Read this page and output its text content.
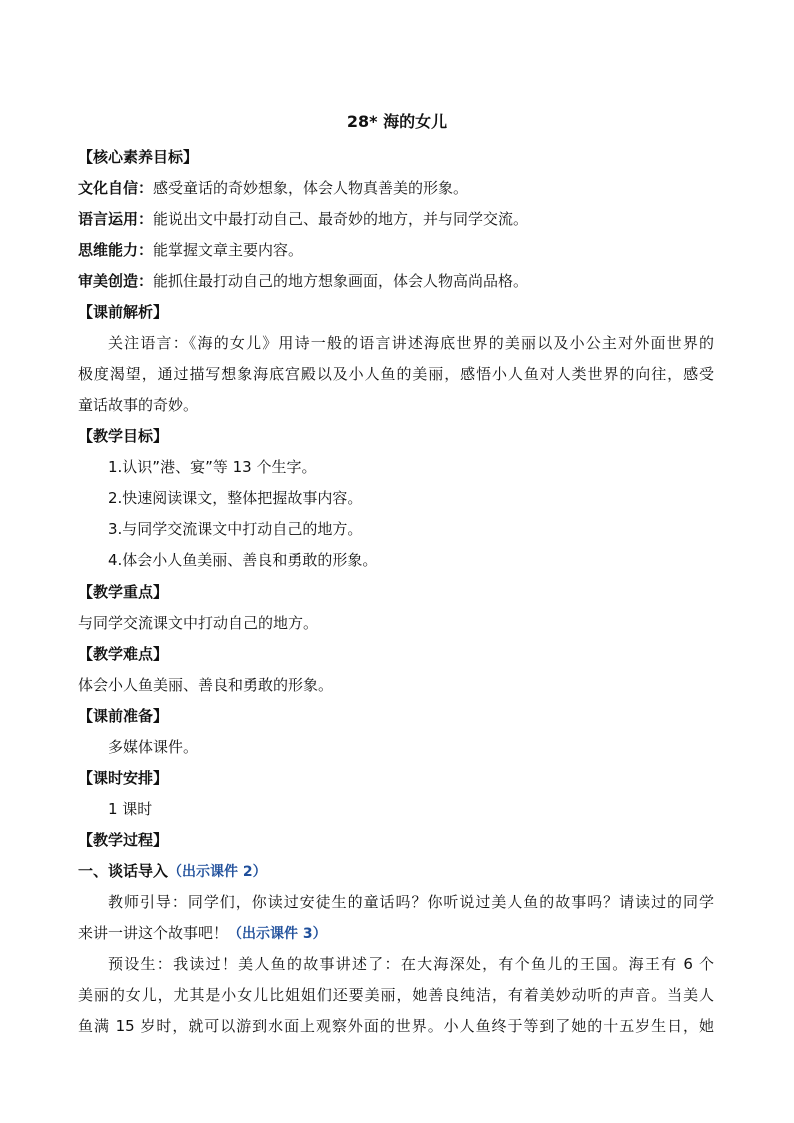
28* 海的女儿
【核心素养目标】
文化自信：感受童话的奇妙想象，体会人物真善美的形象。
语言运用：能说出文中最打动自己、最奇妙的地方，并与同学交流。
思维能力：能掌握文章主要内容。
审美创造：能抓住最打动自己的地方想象画面，体会人物高尚品格。
【课前解析】
关注语言：《海的女儿》用诗一般的语言讲述海底世界的美丽以及小公主对外面世界的
极度渴望，通过描写想象海底宫殿以及小人鱼的美丽，感悟小人鱼对人类世界的向往，感受
童话故事的奇妙。
【教学目标】
1.认识”港、宴”等 13 个生字。
2.快速阅读课文，整体把握故事内容。
3.与同学交流课文中打动自己的地方。
4.体会小人鱼美丽、善良和勇敢的形象。
【教学重点】
与同学交流课文中打动自己的地方。
【教学难点】
体会小人鱼美丽、善良和勇敢的形象。
【课前准备】
多媒体课件。
【课时安排】
1 课时
【教学过程】
一、谈话导入（出示课件 2）
教师引导：同学们，你读过安徒生的童话吗？你听说过美人鱼的故事吗？请读过的同学
来讲一讲这个故事吧！（出示课件 3）
预设生：我读过！美人鱼的故事讲述了：在大海深处，有个鱼儿的王国。海王有 6 个
美丽的女儿，尤其是小女儿比姐姐们还要美丽，她善良纯洁，有着美妙动听的声音。当美人
鱼满 15 岁时，就可以游到水面上观察外面的世界。小人鱼终于等到了她的十五岁生日，她
